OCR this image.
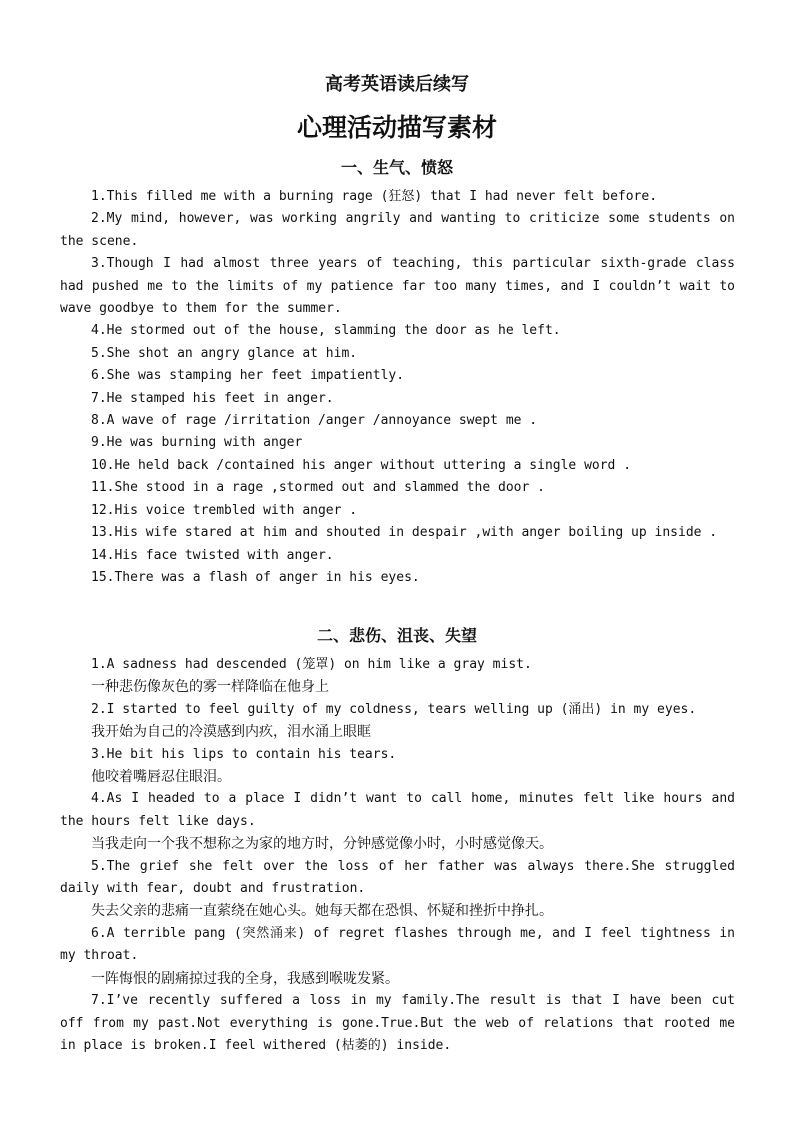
高考英语读后续写
心理活动描写素材
一、生气、愤怒

1.This filled me with a burning rage (狂怒) that I had never felt before.

2.My mind, however, was working angrily and wanting to criticize some students on the scene.

3.Though I had almost three years of teaching, this particular sixth-grade class had pushed me to the limits of my patience far too many times, and I couldn’t wait to wave goodbye to them for the summer.

4.He stormed out of the house, slamming the door as he left.

5.She shot an angry glance at him.

6.She was stamping her feet impatiently.

7.He stamped his feet in anger.

8.A wave of rage /irritation /anger /annoyance swept me .

9.He was burning with anger

10.He held back /contained his anger without uttering a single word .

11.She stood in a rage ,stormed out and slammed the door .

12.His voice trembled with anger .

13.His wife stared at him and shouted in despair ,with anger boiling up inside .

14.His face twisted with anger.

15.There was a flash of anger in his eyes.

二、悲伤、沮丧、失望

1.A sadness had descended (笼罩) on him like a gray mist.

一种悲伤像灰色的雾一样降临在他身上

2.I started to feel guilty of my coldness, tears welling up (涌出) in my eyes.

我开始为自己的冷漠感到内疚，泪水涌上眼眶

3.He bit his lips to contain his tears.

他咬着嘴唇忍住眼泪。

4.As I headed to a place I didn’t want to call home, minutes felt like hours and the hours felt like days.

当我走向一个我不想称之为家的地方时，分钟感觉像小时，小时感觉像天。

5.The grief she felt over the loss of her father was always there.She struggled daily with fear, doubt and frustration.

失去父亲的悲痛一直萦绕在她心头。她每天都在恐惧、怀疑和挫折中挣扎。

6.A terrible pang (突然涌来) of regret flashes through me, and I feel tightness in my throat.

一阵悔恨的剧痛掠过我的全身，我感到喉咙发紧。

7.I’ve recently suffered a loss in my family.The result is that I have been cut off from my past.Not everything is gone.True.But the web of relations that rooted me in place is broken.I feel withered (枯萎的) inside.
